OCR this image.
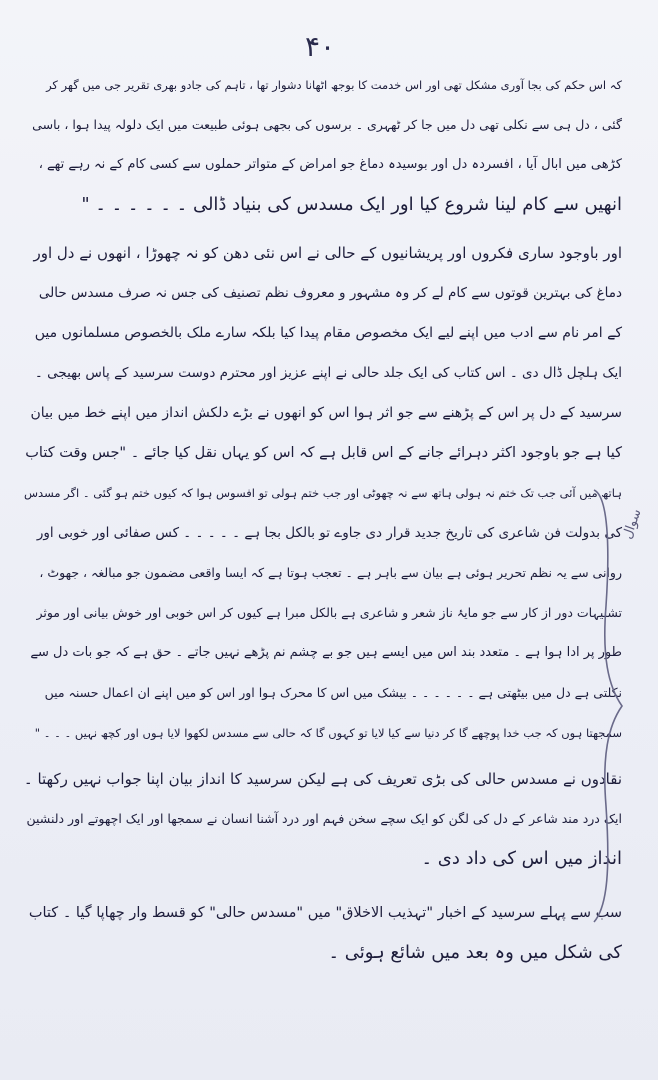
۴۰
کہ اس حکم کی بجا آوری مشکل تھی اور اس خدمت کا بوجھ اٹھانا دشوار تھا ، تاہم کی جادو بھری تقریر جی میں گھر کر
گئی ، دل ہی سے نکلی تھی دل میں جا کر ٹھہری ۔ برسوں کی بجھی ہوئی طبیعت میں ایک دلولہ پیدا ہوا ، باسی
کڑھی میں ابال آیا ، افسردہ دل اور بوسیدہ دماغ جو امراض کے متواتر حملوں سے کسی کام کے نہ رہے تھے ،
انھیں سے کام لینا شروع کیا اور ایک مسدس کی بنیاد ڈالی ۔ ۔ ۔ ۔ ۔ ۔ "
اور باوجود ساری فکروں اور پریشانیوں کے حالی نے اس نئی دھن کو نہ چھوڑا ، انھوں نے دل اور
دماغ کی بہترین قوتوں سے کام لے کر وہ مشہور و معروف نظم تصنیف کی جس نہ صرف مسدس حالی
کے امر نام سے ادب میں اپنے لیے ایک مخصوص مقام پیدا کیا بلکہ سارے ملک بالخصوص مسلمانوں میں
ایک ہلچل ڈال دی ۔ اس کتاب کی ایک جلد حالی نے اپنے عزیز اور محترم دوست سرسید کے پاس بھیجی ۔
سرسید کے دل پر اس کے پڑھنے سے جو اثر ہوا اس کو انھوں نے بڑے دلکش انداز میں اپنے خط میں بیان
کیا ہے جو باوجود اکثر دہرائے جانے کے اس قابل ہے کہ اس کو یہاں نقل کیا جائے ۔ "جس وقت کتاب
ہاتھ میں آئی جب تک ختم نہ ہولی ہاتھ سے نہ چھوٹی اور جب ختم ہولی تو افسوس ہوا کہ کیوں ختم ہو گئی ۔ اگر مسدس
کی بدولت فن شاعری کی تاریخ جدید قرار دی جاوے تو بالکل بجا ہے ۔ ۔ ۔ ۔ ۔ کس صفائی اور خوبی اور
روانی سے یہ نظم تحریر ہوئی ہے بیان سے باہر ہے ۔ تعجب ہوتا ہے کہ ایسا واقعی مضمون جو مبالغہ ، جھوٹ ،
تشبیہات دور از کار سے جو مایۂ ناز شعر و شاعری ہے بالکل مبرا ہے کیوں کر اس خوبی اور خوش بیانی اور موثر
طور پر ادا ہوا ہے ۔ متعدد بند اس میں ایسے ہیں جو بے چشم نم پڑھے نہیں جاتے ۔ حق ہے کہ جو بات دل سے
نکلتی ہے دل میں بیٹھتی ہے ۔ ۔ ۔ ۔ ۔ ۔ بیشک میں اس کا محرک ہوا اور اس کو میں اپنے ان اعمال حسنہ میں
سمجھتا ہوں کہ جب خدا پوچھے گا کر دنیا سے کیا لایا تو کہوں گا کہ حالی سے مسدس لکھوا لایا ہوں اور کچھ نہیں ۔ ۔ ۔ "
نقادوں نے مسدس حالی کی بڑی تعریف کی ہے لیکن سرسید کا انداز بیان اپنا جواب نہیں رکھتا ۔
ایک درد مند شاعر کے دل کی لگن کو ایک سچے سخن فہم اور درد آشنا انسان نے سمجھا اور ایک اچھوتے اور دلنشین
انداز میں اس کی داد دی ۔
سب سے پہلے سرسید کے اخبار "تہذیب الاخلاق" میں "مسدس حالی" کو قسط وار چھاپا گیا ۔ کتاب
کی شکل میں وہ بعد میں شائع ہوئی ۔
سوال
